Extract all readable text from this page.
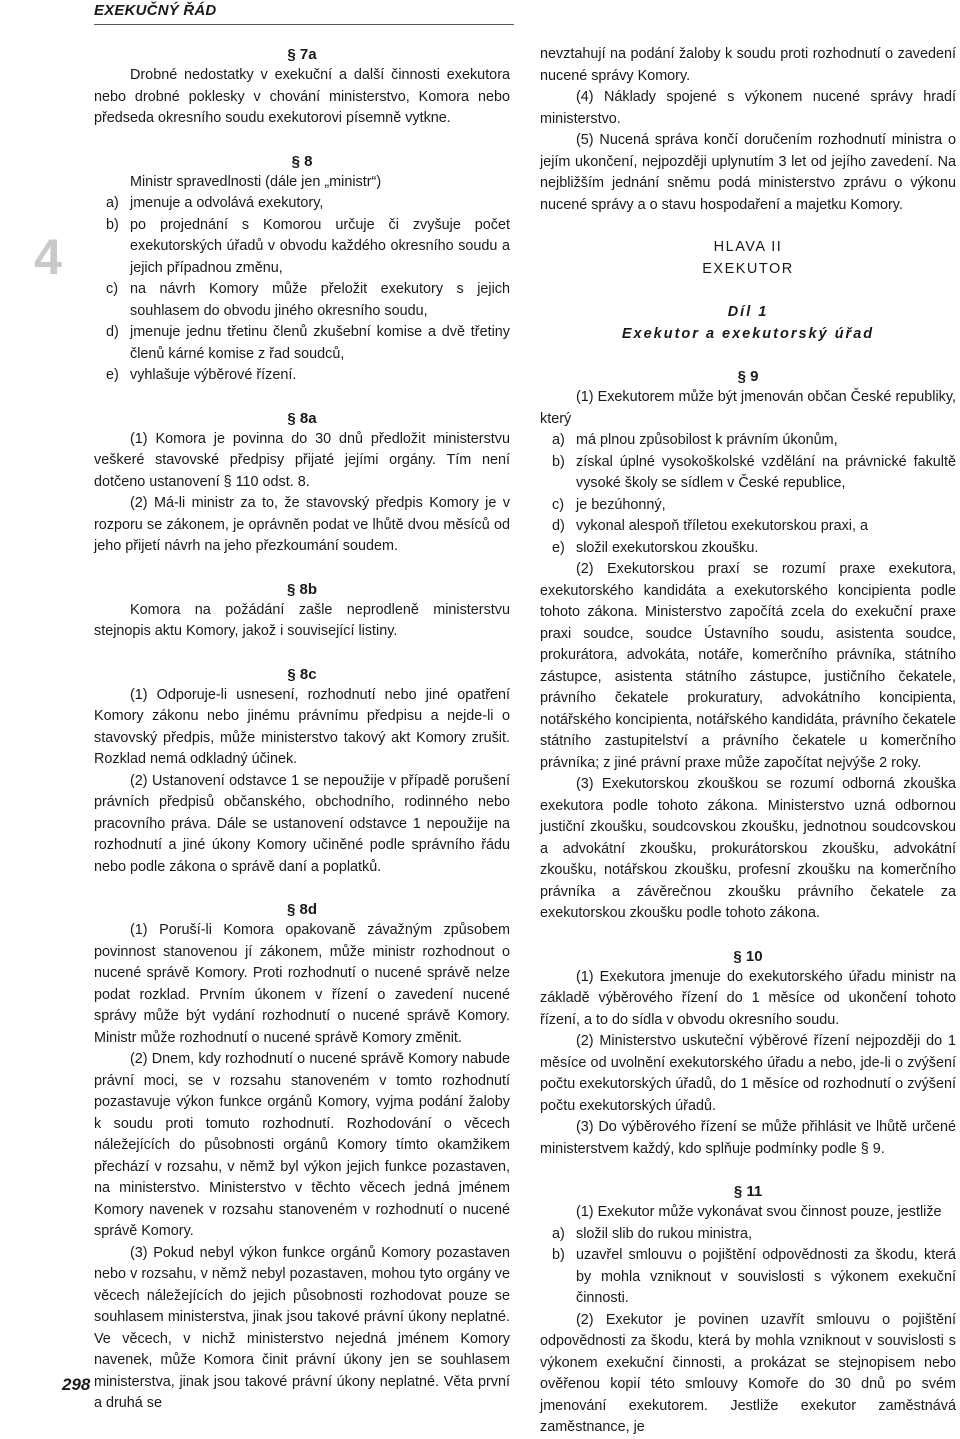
EXEKUČNÝ ŘÁD
4
298

§ 7a

Drobné nedostatky v exekuční a další činnosti exekutora nebo drobné poklesky v chování ministerstvo, Komora nebo předseda okresního soudu exekutorovi písemně vytkne.

§ 8

Ministr spravedlnosti (dále jen „ministr“)

a) jmenuje a odvolává exekutory,

b) po projednání s Komorou určuje či zvyšuje počet exekutorských úřadů v obvodu každého okresního soudu a jejich případnou změnu,

c) na návrh Komory může přeložit exekutory s jejich souhlasem do obvodu jiného okresního soudu,

d) jmenuje jednu třetinu členů zkušební komise a dvě třetiny členů kárné komise z řad soudců,

e) vyhlašuje výběrové řízení.

§ 8a

(1) Komora je povinna do 30 dnů předložit ministerstvu veškeré stavovské předpisy přijaté jejími orgány. Tím není dotčeno ustanovení § 110 odst. 8.

(2) Má-li ministr za to, že stavovský předpis Komory je v rozporu se zákonem, je oprávněn podat ve lhůtě dvou měsíců od jeho přijetí návrh na jeho přezkoumání soudem.

§ 8b

Komora na požádání zašle neprodleně ministerstvu stejnopis aktu Komory, jakož i související listiny.

§ 8c

(1) Odporuje-li usnesení, rozhodnutí nebo jiné opatření Komory zákonu nebo jinému právnímu předpisu a nejde-li o stavovský předpis, může ministerstvo takový akt Komory zrušit. Rozklad nemá odkladný účinek.

(2) Ustanovení odstavce 1 se nepoužije v případě porušení právních předpisů občanského, obchodního, rodinného nebo pracovního práva. Dále se ustanovení odstavce 1 nepoužije na rozhodnutí a jiné úkony Komory učiněné podle správního řádu nebo podle zákona o správě daní a poplatků.

§ 8d

(1) Poruší-li Komora opakovaně závažným způsobem povinnost stanovenou jí zákonem, může ministr rozhodnout o nucené správě Komory. Proti rozhodnutí o nucené správě nelze podat rozklad. Prvním úkonem v řízení o zavedení nucené správy může být vydání rozhodnutí o nucené správě Komory. Ministr může rozhodnutí o nucené správě Komory změnit.

(2) Dnem, kdy rozhodnutí o nucené správě Komory nabude právní moci, se v rozsahu stanoveném v tomto rozhodnutí pozastavuje výkon funkce orgánů Komory, vyjma podání žaloby k soudu proti tomuto rozhodnutí. Rozhodování o věcech náležejících do působnosti orgánů Komory tímto okamžikem přechází v rozsahu, v němž byl výkon jejich funkce pozastaven, na ministerstvo. Ministerstvo v těchto věcech jedná jménem Komory navenek v rozsahu stanoveném v rozhodnutí o nucené správě Komory.

(3) Pokud nebyl výkon funkce orgánů Komory pozastaven nebo v rozsahu, v němž nebyl pozastaven, mohou tyto orgány ve věcech náležejících do jejich působnosti rozhodovat pouze se souhlasem ministerstva, jinak jsou takové právní úkony neplatné. Ve věcech, v nichž ministerstvo nejedná jménem Komory navenek, může Komora činit právní úkony jen se souhlasem ministerstva, jinak jsou takové právní úkony neplatné. Věta první a druhá se

nevztahují na podání žaloby k soudu proti rozhodnutí o zavedení nucené správy Komory.

(4) Náklady spojené s výkonem nucené správy hradí ministerstvo.

(5) Nucená správa končí doručením rozhodnutí ministra o jejím ukončení, nejpozději uplynutím 3 let od jejího zavedení. Na nejbližším jednání sněmu podá ministerstvo zprávu o výkonu nucené správy a o stavu hospodaření a majetku Komory.

HLAVA II

EXEKUTOR

Díl 1

Exekutor a exekutorský úřad

§ 9

(1) Exekutorem může být jmenován občan České republiky, který

a) má plnou způsobilost k právním úkonům,

b) získal úplné vysokoškolské vzdělání na právnické fakultě vysoké školy se sídlem v České republice,

c) je bezúhonný,

d) vykonal alespoň tříletou exekutorskou praxi, a

e) složil exekutorskou zkoušku.

(2) Exekutorskou praxí se rozumí praxe exekutora, exekutorského kandidáta a exekutorského koncipienta podle tohoto zákona. Ministerstvo započítá zcela do exekuční praxe praxi soudce, soudce Ústavního soudu, asistenta soudce, prokurátora, advokáta, notáře, komerčního právníka, státního zástupce, asistenta státního zástupce, justičního čekatele, právního čekatele prokuratury, advokátního koncipienta, notářského koncipienta, notářského kandidáta, právního čekatele státního zastupitelství a právního čekatele u komerčního právníka; z jiné právní praxe může započítat nejvýše 2 roky.

(3) Exekutorskou zkouškou se rozumí odborná zkouška exekutora podle tohoto zákona. Ministerstvo uzná odbornou justiční zkoušku, soudcovskou zkoušku, jednotnou soudcovskou a advokátní zkoušku, prokurátorskou zkoušku, advokátní zkoušku, notářskou zkoušku, profesní zkoušku na komerčního právníka a závěrečnou zkoušku právního čekatele za exekutorskou zkoušku podle tohoto zákona.

§ 10

(1) Exekutora jmenuje do exekutorského úřadu ministr na základě výběrového řízení do 1 měsíce od ukončení tohoto řízení, a to do sídla v obvodu okresního soudu.

(2) Ministerstvo uskuteční výběrové řízení nejpozději do 1 měsíce od uvolnění exekutorského úřadu a nebo, jde-li o zvýšení počtu exekutorských úřadů, do 1 měsíce od rozhodnutí o zvýšení počtu exekutorských úřadů.

(3) Do výběrového řízení se může přihlásit ve lhůtě určené ministerstvem každý, kdo splňuje podmínky podle § 9.

§ 11

(1) Exekutor může vykonávat svou činnost pouze, jestliže

a) složil slib do rukou ministra,

b) uzavřel smlouvu o pojištění odpovědnosti za škodu, která by mohla vzniknout v souvislosti s výkonem exekuční činnosti.

(2) Exekutor je povinen uzavřít smlouvu o pojištění odpovědnosti za škodu, která by mohla vzniknout v souvislosti s výkonem exekuční činnosti, a prokázat se stejnopisem nebo ověřenou kopií této smlouvy Komoře do 30 dnů po svém jmenování exekutorem. Jestliže exekutor zaměstnává zaměstnance, je
